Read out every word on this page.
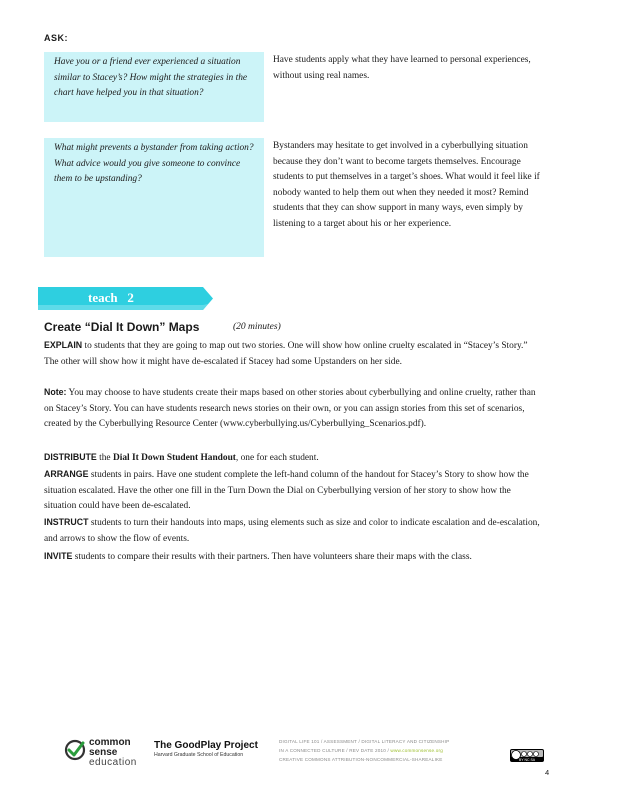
ASK:
Have you or a friend ever experienced a situation similar to Stacey’s? How might the strategies in the chart have helped you in that situation?
Have students apply what they have learned to personal experiences, without using real names.
What might prevents a bystander from taking action? What advice would you give someone to convince them to be upstanding?
Bystanders may hesitate to get involved in a cyberbullying situation because they don’t want to become targets themselves. Encourage students to put themselves in a target’s shoes. What would it feel like if nobody wanted to help them out when they needed it most? Remind students that they can show support in many ways, even simply by listening to a target about his or her experience.
teach   2
Create “Dial It Down” Maps	(20 minutes)
EXPLAIN to students that they are going to map out two stories. One will show how online cruelty escalated in “Stacey’s Story.” The other will show how it might have de-escalated if Stacey had some Upstanders on her side.
Note: You may choose to have students create their maps based on other stories about cyberbullying and online cruelty, rather than on Stacey’s Story. You can have students research news stories on their own, or you can assign stories from this set of scenarios, created by the Cyberbullying Resource Center (www.cyberbullying.us/Cyberbullying_Scenarios.pdf).
DISTRIBUTE the Dial It Down Student Handout, one for each student.
ARRANGE students in pairs. Have one student complete the left-hand column of the handout for Stacey’s Story to show how the situation escalated. Have the other one fill in the Turn Down the Dial on Cyberbullying version of her story to show how the situation could have been de-escalated.
INSTRUCT students to turn their handouts into maps, using elements such as size and color to indicate escalation and de-escalation, and arrows to show the flow of events.
INVITE students to compare their results with their partners. Then have volunteers share their maps with the class.
common
sense
education
The GoodPlay Project
Harvard Graduate School of Education
DIGITAL LIFE 101 / ASSESSMENT / DIGITAL LITERACY AND CITIZENSHIP
IN A CONNECTED CULTURE / REV DATE 2010 / www.commonsense.org
CREATIVE COMMONS ATTRIBUTION-NONCOMMERCIAL-SHAREALIKE	BY NC SA
4
